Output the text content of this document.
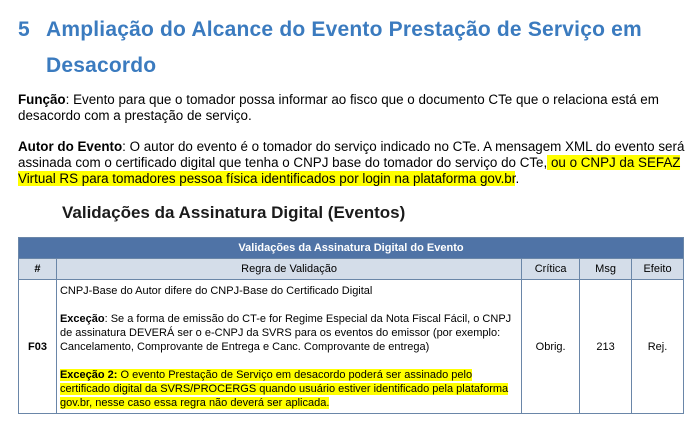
5 Ampliação do Alcance do Evento Prestação de Serviço em
Desacordo
Função: Evento para que o tomador possa informar ao fisco que o documento CTe que o relaciona está em desacordo com a prestação de serviço.
Autor do Evento: O autor do evento é o tomador do serviço indicado no CTe. A mensagem XML do evento será assinada com o certificado digital que tenha o CNPJ base do tomador do serviço do CTe, ou o CNPJ da SEFAZ Virtual RS para tomadores pessoa física identificados por login na plataforma gov.br.
Validações da Assinatura Digital (Eventos)
Validações da Assinatura Digital do Evento				
#	Regra de Validação	Crítica	Msg	Efeito
F03	CNPJ-Base do Autor difere do CNPJ-Base do Certificado Digital
Exceção: Se a forma de emissão do CT-e for Regime Especial da Nota Fiscal Fácil, o CNPJ de assinatura DEVERÁ ser o e-CNPJ da SVRS para os eventos do emissor (por exemplo: Cancelamento, Comprovante de Entrega e Canc. Comprovante de entrega)
Exceção 2: O evento Prestação de Serviço em desacordo poderá ser assinado pelo certificado digital da SVRS/PROCERGS quando usuário estiver identificado pela plataforma gov.br, nesse caso essa regra não deverá ser aplicada.	Obrig.	213	Rej.
